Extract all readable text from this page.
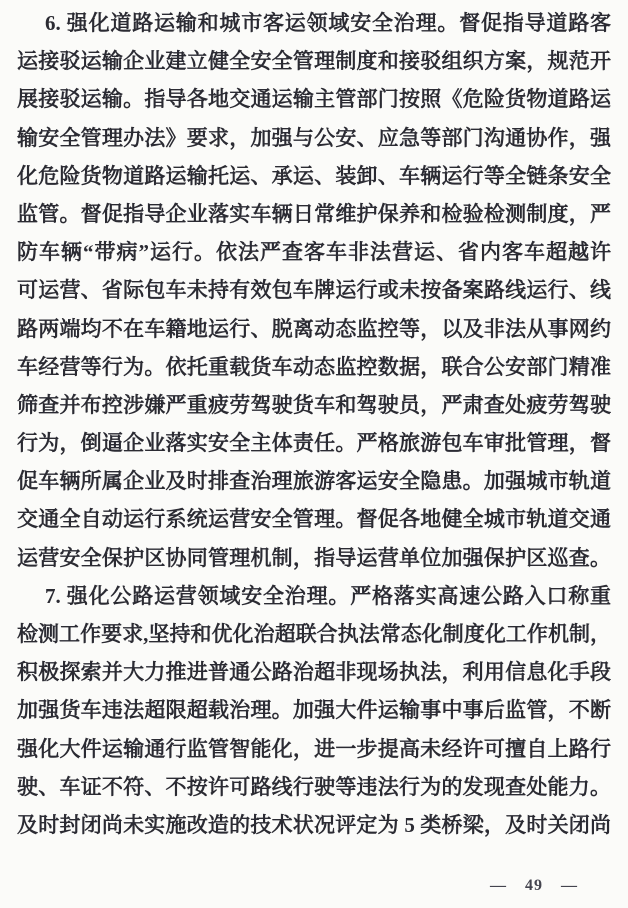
6. 强化道路运输和城市客运领域安全治理。督促指导道路客
运接驳运输企业建立健全安全管理制度和接驳组织方案，规范开
展接驳运输。指导各地交通运输主管部门按照《危险货物道路运
输安全管理办法》要求，加强与公安、应急等部门沟通协作，强
化危险货物道路运输托运、承运、装卸、车辆运行等全链条安全
监管。督促指导企业落实车辆日常维护保养和检验检测制度，严
防车辆“带病”运行。依法严查客车非法营运、省内客车超越许
可运营、省际包车未持有效包车牌运行或未按备案路线运行、线
路两端均不在车籍地运行、脱离动态监控等，以及非法从事网约
车经营等行为。依托重载货车动态监控数据，联合公安部门精准
筛查并布控涉嫌严重疲劳驾驶货车和驾驶员，严肃查处疲劳驾驶
行为，倒逼企业落实安全主体责任。严格旅游包车审批管理，督
促车辆所属企业及时排查治理旅游客运安全隐患。加强城市轨道
交通全自动运行系统运营安全管理。督促各地健全城市轨道交通
运营安全保护区协同管理机制，指导运营单位加强保护区巡查。
7. 强化公路运营领域安全治理。严格落实高速公路入口称重
检测工作要求,坚持和优化治超联合执法常态化制度化工作机制，
积极探索并大力推进普通公路治超非现场执法，利用信息化手段
加强货车违法超限超载治理。加强大件运输事中事后监管，不断
强化大件运输通行监管智能化，进一步提高未经许可擅自上路行
驶、车证不符、不按许可路线行驶等违法行为的发现查处能力。
及时封闭尚未实施改造的技术状况评定为 5 类桥梁，及时关闭尚
— 49 —
